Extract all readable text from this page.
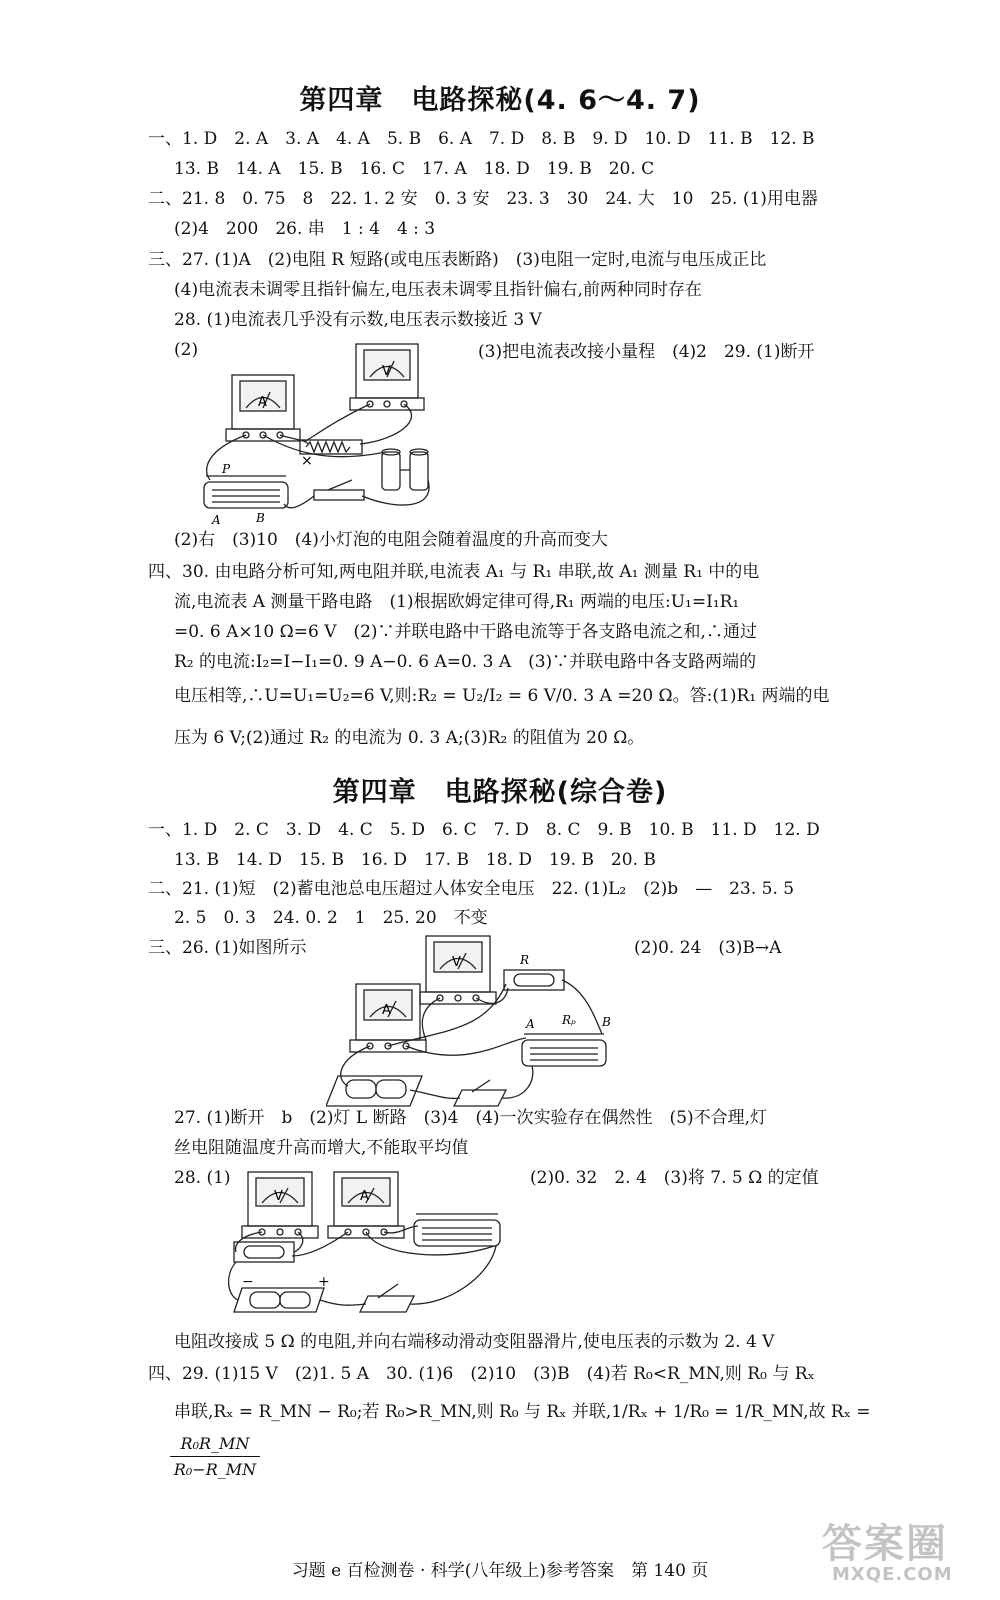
第四章　电路探秘(4. 6～4. 7)
一、1. D　2. A　3. A　4. A　5. B　6. A　7. D　8. B　9. D　10. D　11. B　12. B
13. B　14. A　15. B　16. C　17. A　18. D　19. B　20. C
二、21. 8　0. 75　8　22. 1. 2 安　0. 3 安　23. 3　30　24. 大　10　25. (1)用电器
(2)4　200　26. 串　1 : 4　4 : 3
三、27. (1)A　(2)电阻 R 短路(或电压表断路)　(3)电阻一定时,电流与电压成正比
(4)电流表未调零且指针偏左,电压表未调零且指针偏右,前两种同时存在
28. (1)电流表几乎没有示数,电压表示数接近 3 V
(2)	(3)把电流表改接小量程　(4)2　29. (1)断开
×
A
V
P
A	B
(2)右　(3)10　(4)小灯泡的电阻会随着温度的升高而变大
四、30. 由电路分析可知,两电阻并联,电流表 A₁ 与 R₁ 串联,故 A₁ 测量 R₁ 中的电
流,电流表 A 测量干路电路　(1)根据欧姆定律可得,R₁ 两端的电压:U₁=I₁R₁
=0. 6 A×10 Ω=6 V　(2)∵并联电路中干路电流等于各支路电流之和,∴通过
R₂ 的电流:I₂=I−I₁=0. 9 A−0. 6 A=0. 3 A　(3)∵并联电路中各支路两端的
电压相等,∴U=U₁=U₂=6 V,则:R₂ = U₂/I₂ = 6 V/0. 3 A =20 Ω。答:(1)R₁ 两端的电
压为 6 V;(2)通过 R₂ 的电流为 0. 3 A;(3)R₂ 的阻值为 20 Ω。
第四章　电路探秘(综合卷)
一、1. D　2. C　3. D　4. C　5. D　6. C　7. D　8. C　9. B　10. B　11. D　12. D
13. B　14. D　15. B　16. D　17. B　18. D　19. B　20. B
二、21. (1)短　(2)蓄电池总电压超过人体安全电压　22. (1)L₂　(2)b　—　23. 5. 5
2. 5　0. 3　24. 0. 2　1　25. 20　不变
三、26. (1)如图所示	(2)0. 24　(3)B→A
V
A
R
A Rₚ B
27. (1)断开　b　(2)灯 L 断路　(3)4　(4)一次实验存在偶然性　(5)不合理,灯
丝电阻随温度升高而增大,不能取平均值
28. (1)	(2)0. 32　2. 4　(3)将 7. 5 Ω 的定值
V	A
−	+
电阻改接成 5 Ω 的电阻,并向右端移动滑动变阻器滑片,使电压表的示数为 2. 4 V
四、29. (1)15 V　(2)1. 5 A　30. (1)6　(2)10　(3)B　(4)若 R₀<R_MN,则 R₀ 与 Rₓ
串联,Rₓ = R_MN − R₀;若 R₀>R_MN,则 R₀ 与 Rₓ 并联,1/Rₓ + 1/R₀ = 1/R_MN,故 Rₓ =
R₀R_MN
R₀−R_MN
习题 e 百检测卷 · 科学(八年级上)参考答案　第 140 页
答案圈
MXQE.COM
